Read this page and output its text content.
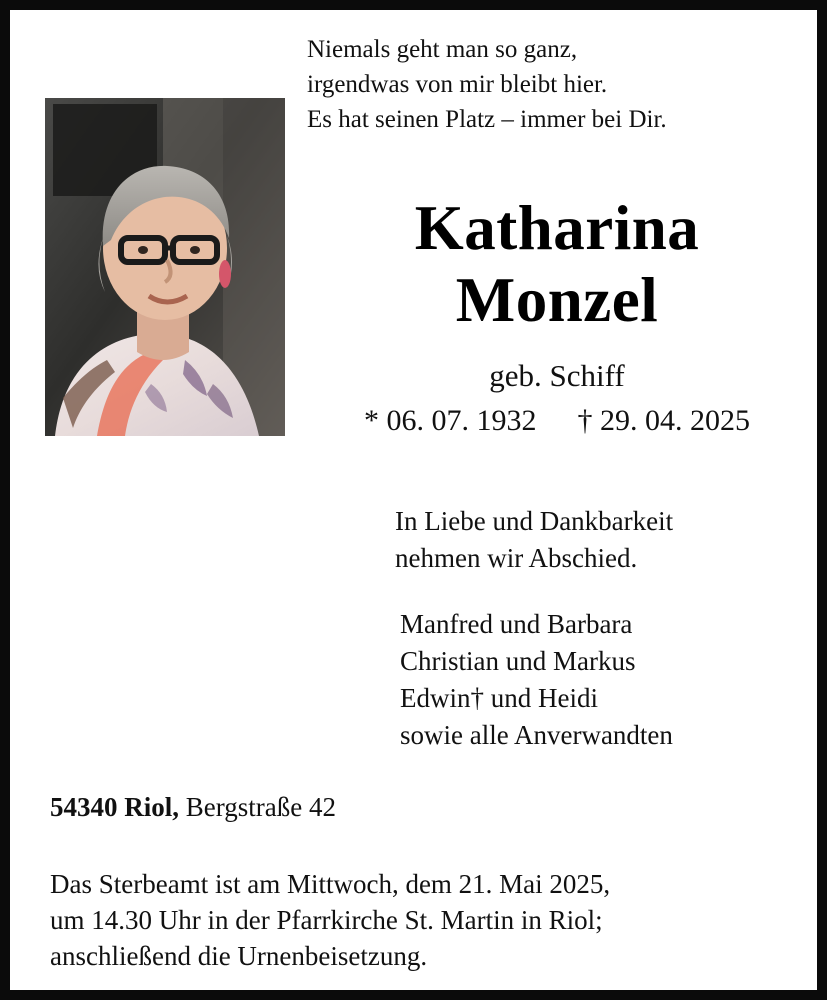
Niemals geht man so ganz,
irgendwas von mir bleibt hier.
Es hat seinen Platz – immer bei Dir.
Katharina
Monzel
geb. Schiff
* 06. 07. 1932 † 29. 04. 2025
In Liebe und Dankbarkeit
nehmen wir Abschied.
Manfred und Barbara
Christian und Markus
Edwin† und Heidi
sowie alle Anverwandten
54340 Riol, Bergstraße 42
Das Sterbeamt ist am Mittwoch, dem 21. Mai 2025,
um 14.30 Uhr in der Pfarrkirche St. Martin in Riol;
anschließend die Urnenbeisetzung.
